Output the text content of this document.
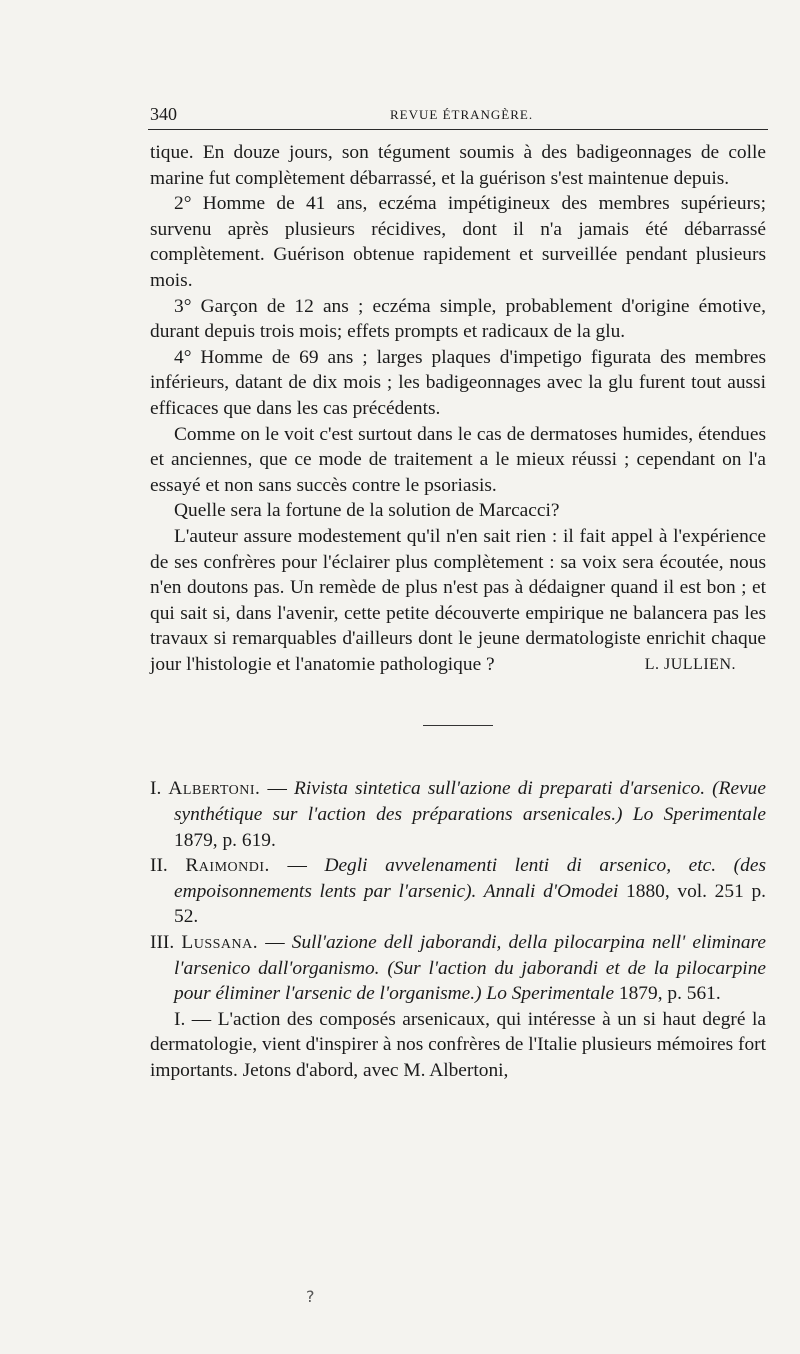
340	REVUE ÉTRANGÈRE.

tique. En douze jours, son tégument soumis à des badigeonnages de colle marine fut complètement débarrassé, et la guérison s'est maintenue depuis.

2° Homme de 41 ans, eczéma impétigineux des membres supérieurs; survenu après plusieurs récidives, dont il n'a jamais été débarrassé complètement. Guérison obtenue rapidement et surveillée pendant plusieurs mois.

3° Garçon de 12 ans ; eczéma simple, probablement d'origine émotive, durant depuis trois mois; effets prompts et radicaux de la glu.

4° Homme de 69 ans ; larges plaques d'impetigo figurata des membres inférieurs, datant de dix mois ; les badigeonnages avec la glu furent tout aussi efficaces que dans les cas précédents.

Comme on le voit c'est surtout dans le cas de dermatoses humides, étendues et anciennes, que ce mode de traitement a le mieux réussi ; cependant on l'a essayé et non sans succès contre le psoriasis.

Quelle sera la fortune de la solution de Marcacci?

L'auteur assure modestement qu'il n'en sait rien : il fait appel à l'expérience de ses confrères pour l'éclairer plus complètement : sa voix sera écoutée, nous n'en doutons pas. Un remède de plus n'est pas à dédaigner quand il est bon ; et qui sait si, dans l'avenir, cette petite découverte empirique ne balancera pas les travaux si remarquables d'ailleurs dont le jeune dermatologiste enrichit chaque jour l'histologie et l'anatomie pathologique ?	L. JULLIEN.

I. Albertoni. — Rivista sintetica sull'azione di preparati d'arsenico. (Revue synthétique sur l'action des préparations arsenicales.) Lo Sperimentale 1879, p. 619.

II. Raimondi. — Degli avvelenamenti lenti di arsenico, etc. (des empoisonnements lents par l'arsenic). Annali d'Omodei 1880, vol. 251 p. 52.

III. Lussana. — Sull'azione dell jaborandi, della pilocarpina nell' eliminare l'arsenico dall'organismo. (Sur l'action du jaborandi et de la pilocarpine pour éliminer l'arsenic de l'organisme.) Lo Sperimentale 1879, p. 561.

I. — L'action des composés arsenicaux, qui intéresse à un si haut degré la dermatologie, vient d'inspirer à nos confrères de l'Italie plusieurs mémoires fort importants. Jetons d'abord, avec M. Albertoni,

?
